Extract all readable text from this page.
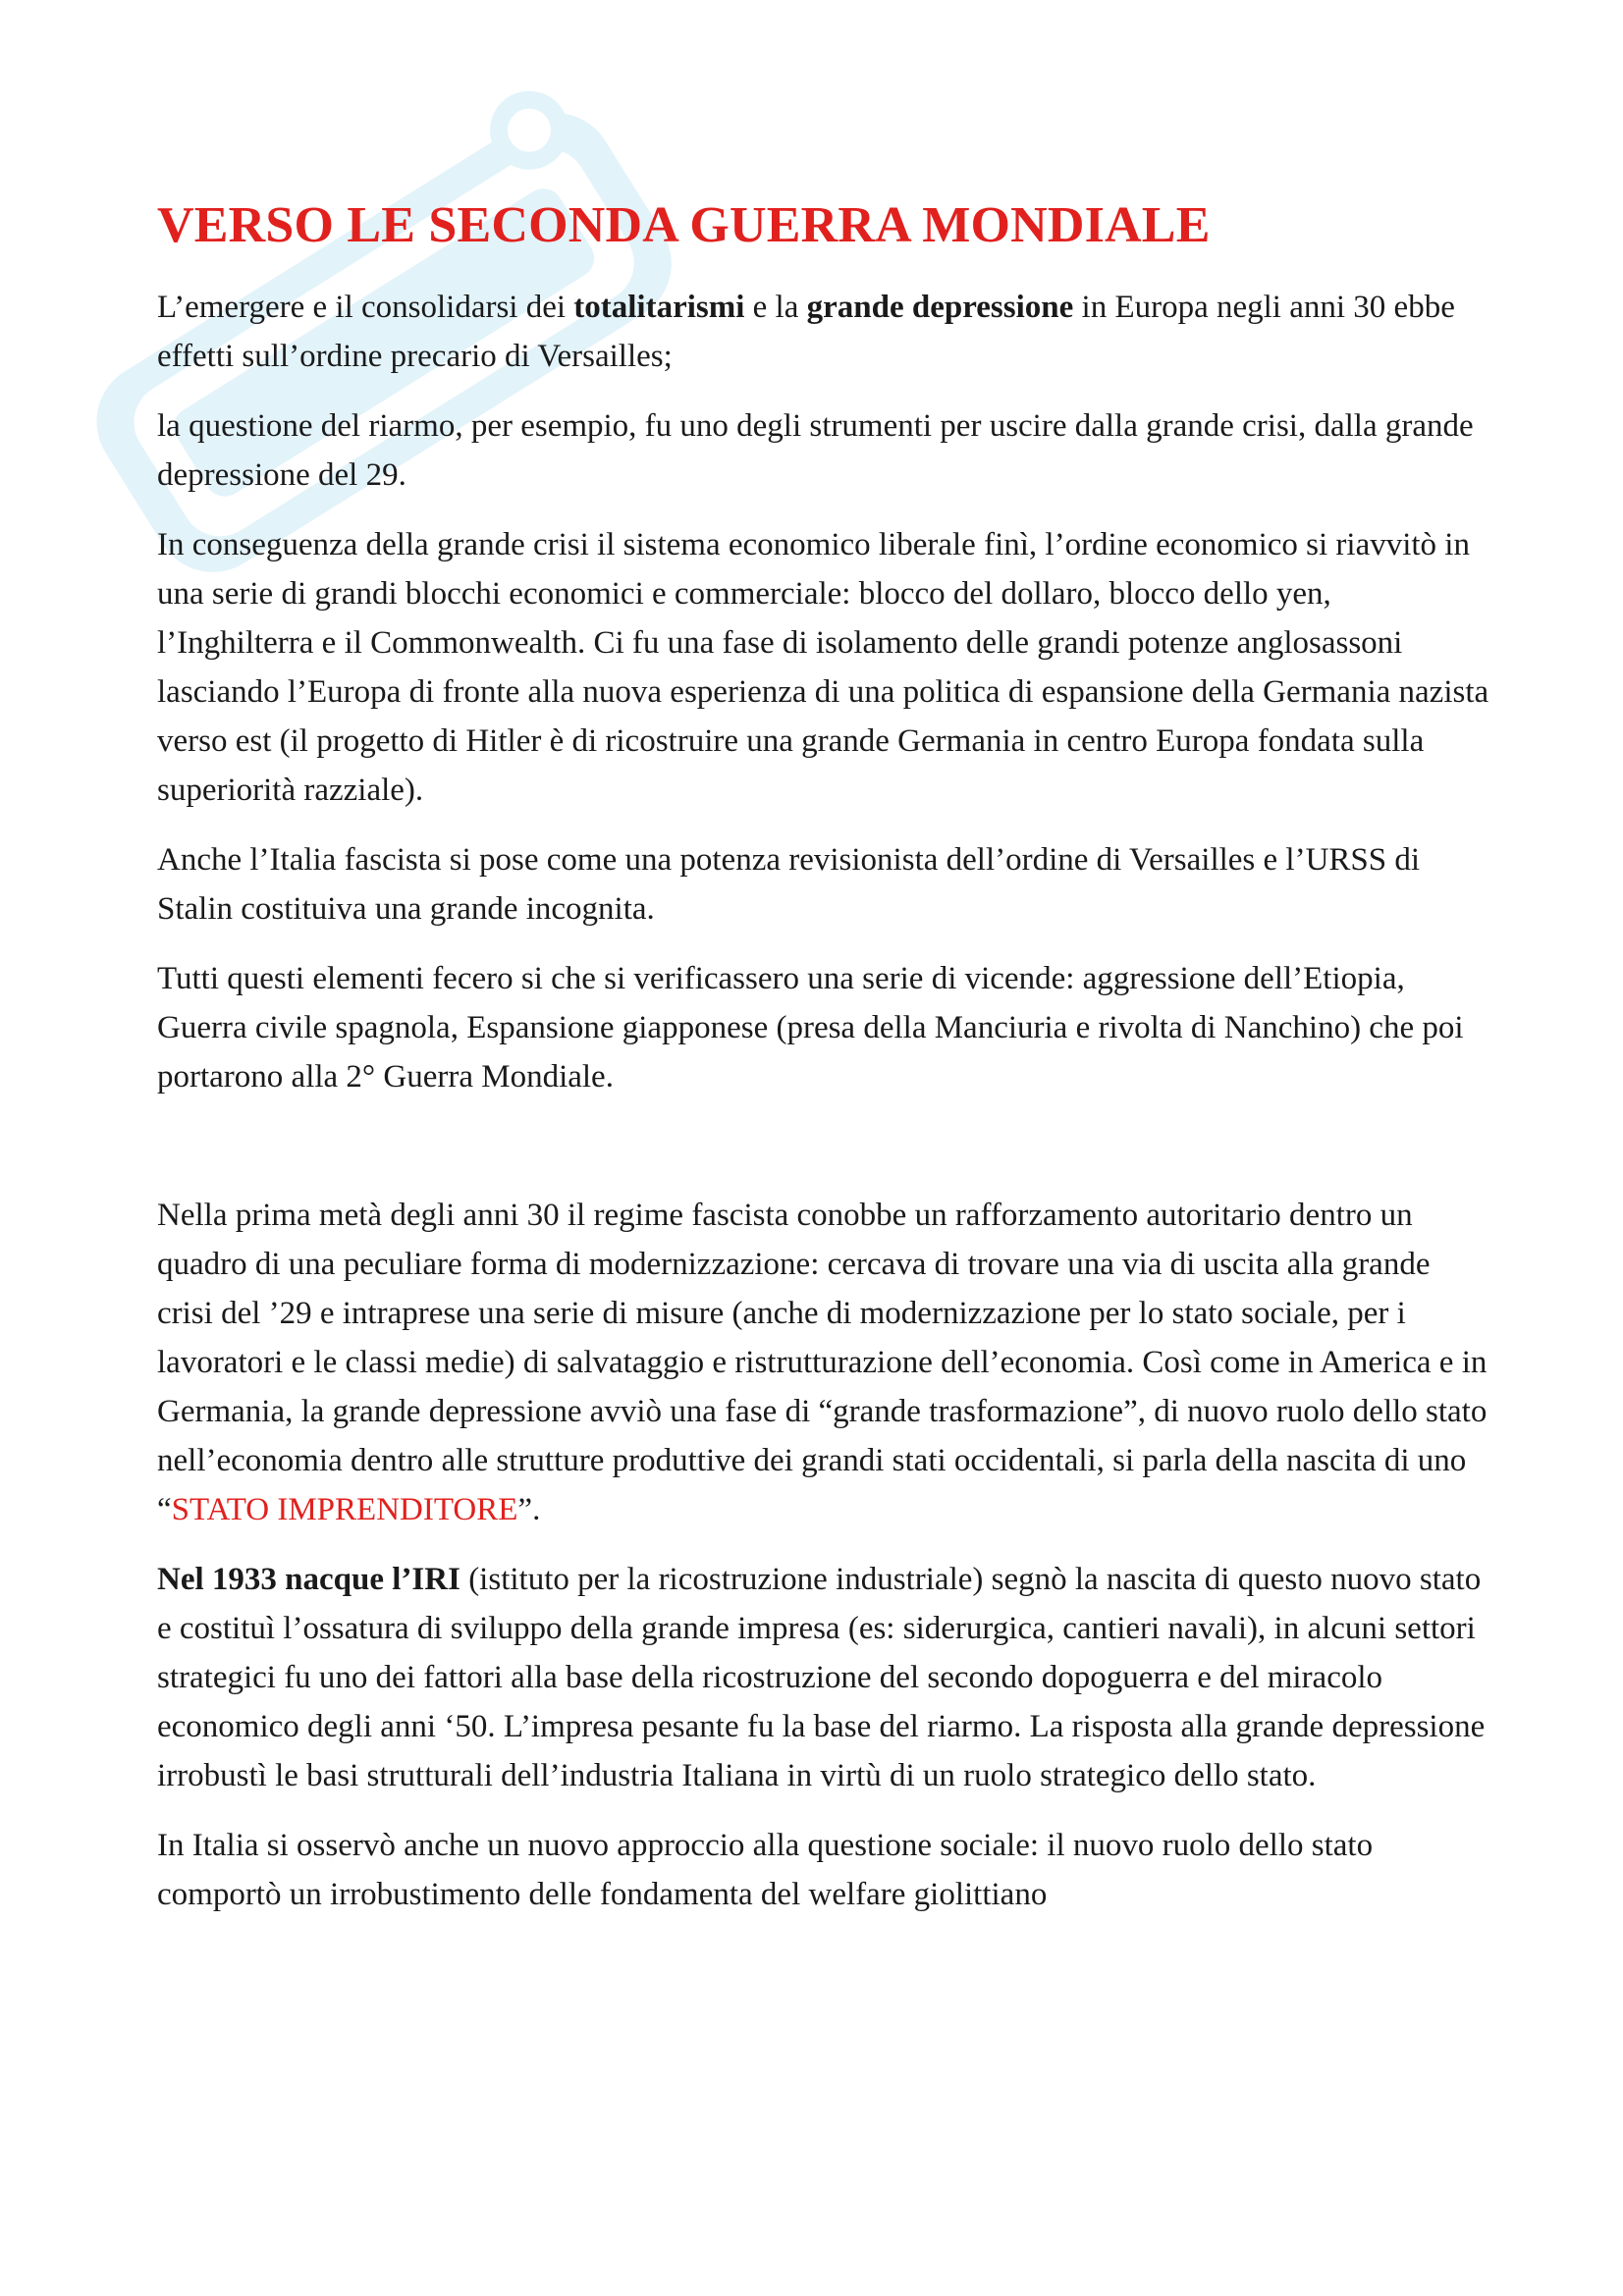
VERSO LE SECONDA GUERRA MONDIALE

L’emergere e il consolidarsi dei totalitarismi e la grande depressione in Europa negli anni 30 ebbe effetti sull’ordine precario di Versailles;

la questione del riarmo, per esempio, fu uno degli strumenti per uscire dalla grande crisi, dalla grande depressione del 29.

In conseguenza della grande crisi il sistema economico liberale finì, l’ordine economico si riavvitò in una serie di grandi blocchi economici e commerciale: blocco del dollaro, blocco dello yen, l’Inghilterra e il Commonwealth. Ci fu una fase di isolamento delle grandi potenze anglosassoni lasciando l’Europa di fronte alla nuova esperienza di una politica di espansione della Germania nazista verso est (il progetto di Hitler è di ricostruire una grande Germania in centro Europa fondata sulla superiorità razziale).

Anche l’Italia fascista si pose come una potenza revisionista dell’ordine di Versailles e l’URSS di Stalin costituiva una grande incognita.

Tutti questi elementi fecero si che si verificassero una serie di vicende: aggressione dell’Etiopia, Guerra civile spagnola, Espansione giapponese (presa della Manciuria e rivolta di Nanchino) che poi portarono alla 2° Guerra Mondiale.

Nella prima metà degli anni 30 il regime fascista conobbe un rafforzamento autoritario dentro un quadro di una peculiare forma di modernizzazione: cercava di trovare una via di uscita alla grande crisi del ’29 e intraprese una serie di misure (anche di modernizzazione per lo stato sociale, per i lavoratori e le classi medie) di salvataggio e ristrutturazione dell’economia. Così come in America e in Germania, la grande depressione avviò una fase di “grande trasformazione”, di nuovo ruolo dello stato nell’economia dentro alle strutture produttive dei grandi stati occidentali, si parla della nascita di uno “STATO IMPRENDITORE”.

Nel 1933 nacque l’IRI (istituto per la ricostruzione industriale) segnò la nascita di questo nuovo stato e costituì l’ossatura di sviluppo della grande impresa (es: siderurgica, cantieri navali), in alcuni settori strategici fu uno dei fattori alla base della ricostruzione del secondo dopoguerra e del miracolo economico degli anni ‘50. L’impresa pesante fu la base del riarmo. La risposta alla grande depressione irrobustì le basi strutturali dell’industria Italiana in virtù di un ruolo strategico dello stato.

In Italia si osservò anche un nuovo approccio alla questione sociale: il nuovo ruolo dello stato comportò un irrobustimento delle fondamenta del welfare giolittiano
